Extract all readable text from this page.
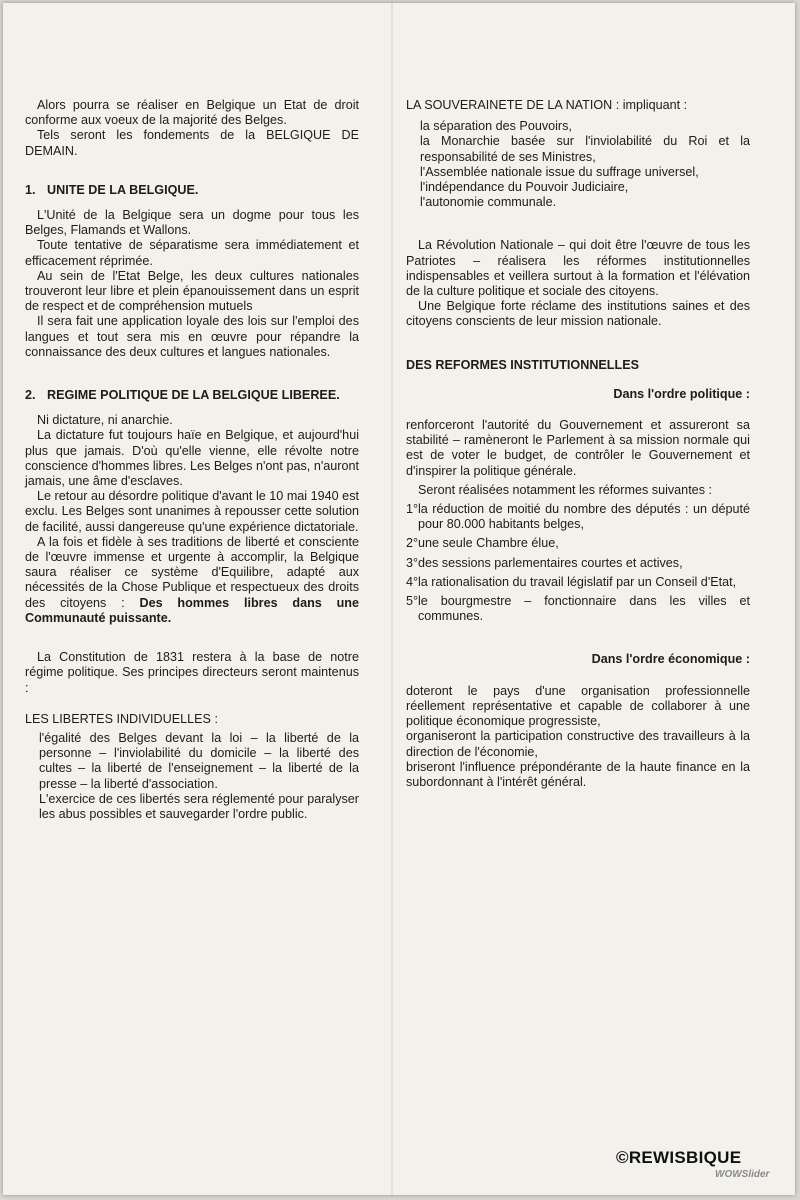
Alors pourra se réaliser en Belgique un Etat de droit conforme aux voeux de la majorité des Belges.

Tels seront les fondements de la BELGIQUE DE DEMAIN.

1. UNITE DE LA BELGIQUE.

L'Unité de la Belgique sera un dogme pour tous les Belges, Flamands et Wallons.

Toute tentative de séparatisme sera immédiatement et efficacement réprimée.

Au sein de l'Etat Belge, les deux cultures nationales trouveront leur libre et plein épanouissement dans un esprit de respect et de compréhension mutuels

Il sera fait une application loyale des lois sur l'emploi des langues et tout sera mis en œuvre pour répandre la connaissance des deux cultures et langues nationales.

2. REGIME POLITIQUE DE LA BELGIQUE LIBEREE.

Ni dictature, ni anarchie.

La dictature fut toujours haïe en Belgique, et aujourd'hui plus que jamais. D'où qu'elle vienne, elle révolte notre conscience d'hommes libres. Les Belges n'ont pas, n'auront jamais, une âme d'esclaves.

Le retour au désordre politique d'avant le 10 mai 1940 est exclu. Les Belges sont unanimes à repousser cette solution de facilité, aussi dangereuse qu'une expérience dictatoriale.

A la fois et fidèle à ses traditions de liberté et consciente de l'œuvre immense et urgente à accomplir, la Belgique saura réaliser ce système d'Equilibre, adapté aux nécessités de la Chose Publique et respectueux des droits des citoyens : Des hommes libres dans une Communauté puissante.

La Constitution de 1831 restera à la base de notre régime politique. Ses principes directeurs seront maintenus :

LES LIBERTES INDIVIDUELLES :

l'égalité des Belges devant la loi – la liberté de la personne – l'inviolabilité du domicile – la liberté des cultes – la liberté de l'enseignement – la liberté de la presse – la liberté d'association.

L'exercice de ces libertés sera réglementé pour paralyser les abus possibles et sauvegarder l'ordre public.

LA SOUVERAINETE DE LA NATION : impliquant :

la séparation des Pouvoirs,

la Monarchie basée sur l'inviolabilité du Roi et la responsabilité de ses Ministres,

l'Assemblée nationale issue du suffrage universel,

l'indépendance du Pouvoir Judiciaire,

l'autonomie communale.

La Révolution Nationale – qui doit être l'œuvre de tous les Patriotes – réalisera les réformes institutionnelles indispensables et veillera surtout à la formation et l'élévation de la culture politique et sociale des citoyens.

Une Belgique forte réclame des institutions saines et des citoyens conscients de leur mission nationale.

DES REFORMES INSTITUTIONNELLES

Dans l'ordre politique :

renforceront l'autorité du Gouvernement et assureront sa stabilité – ramèneront le Parlement à sa mission normale qui est de voter le budget, de contrôler le Gouvernement et d'inspirer la politique générale.

Seront réalisées notamment les réformes suivantes :

1° la réduction de moitié du nombre des députés : un député pour 80.000 habitants belges,
2° une seule Chambre élue,
3° des sessions parlementaires courtes et actives,
4° la rationalisation du travail législatif par un Conseil d'Etat,
5° le bourgmestre – fonctionnaire dans les villes et communes.

Dans l'ordre économique :

doteront le pays d'une organisation professionnelle réellement représentative et capable de collaborer à une politique économique progressiste,

organiseront la participation constructive des travailleurs à la direction de l'économie,

briseront l'influence prépondérante de la haute finance en la subordonnant à l'intérêt général.

©REWISBIQUE
WOWSlider
